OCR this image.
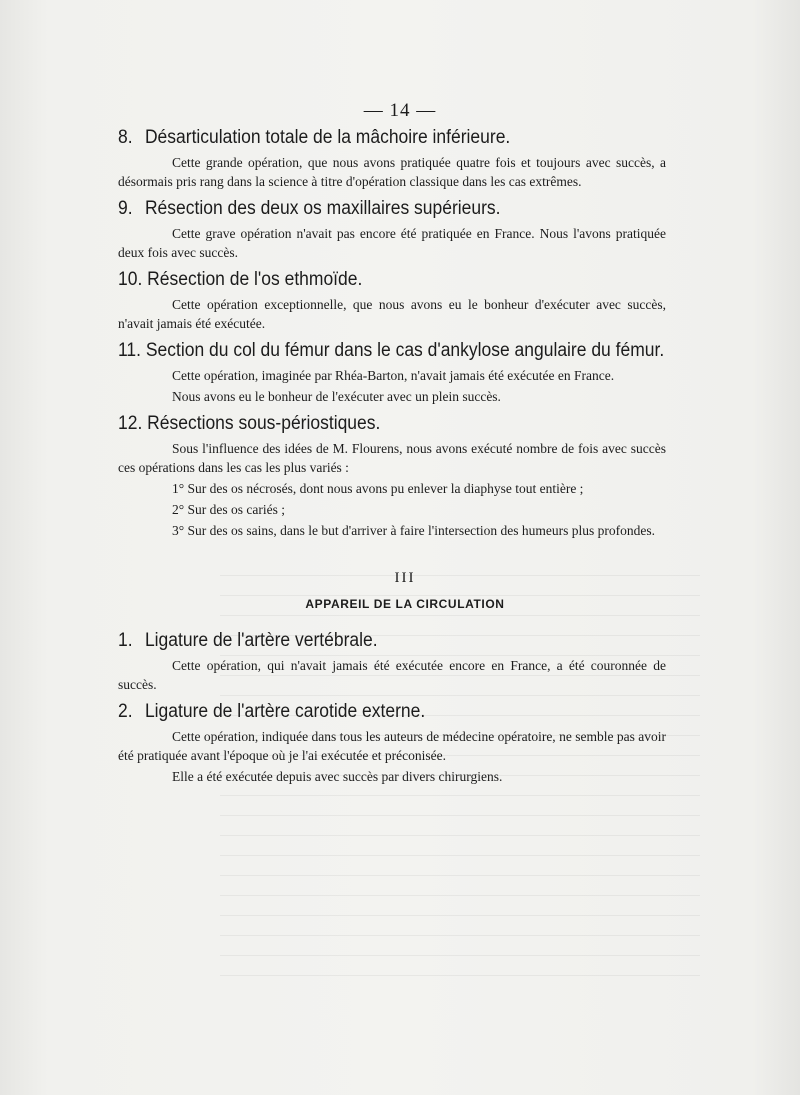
— 14 —
8. Désarticulation totale de la mâchoire inférieure.

Cette grande opération, que nous avons pratiquée quatre fois et toujours avec succès, a désormais pris rang dans la science à titre d'opération classique dans les cas extrêmes.

9. Résection des deux os maxillaires supérieurs.

Cette grave opération n'avait pas encore été pratiquée en France. Nous l'avons pratiquée deux fois avec succès.

10. Résection de l'os ethmoïde.

Cette opération exceptionnelle, que nous avons eu le bonheur d'exécuter avec succès, n'avait jamais été exécutée.

11. Section du col du fémur dans le cas d'ankylose angulaire du fémur.

Cette opération, imaginée par Rhéa-Barton, n'avait jamais été exécutée en France.

Nous avons eu le bonheur de l'exécuter avec un plein succès.

12. Résections sous-périostiques.

Sous l'influence des idées de M. Flourens, nous avons exécuté nombre de fois avec succès ces opérations dans les cas les plus variés :

1° Sur des os nécrosés, dont nous avons pu enlever la diaphyse tout entière ;

2° Sur des os cariés ;

3° Sur des os sains, dans le but d'arriver à faire l'intersection des humeurs plus profondes.

III
APPAREIL DE LA CIRCULATION
1. Ligature de l'artère vertébrale.

Cette opération, qui n'avait jamais été exécutée encore en France, a été couronnée de succès.

2. Ligature de l'artère carotide externe.

Cette opération, indiquée dans tous les auteurs de médecine opératoire, ne semble pas avoir été pratiquée avant l'époque où je l'ai exécutée et préconisée.

Elle a été exécutée depuis avec succès par divers chirurgiens.
